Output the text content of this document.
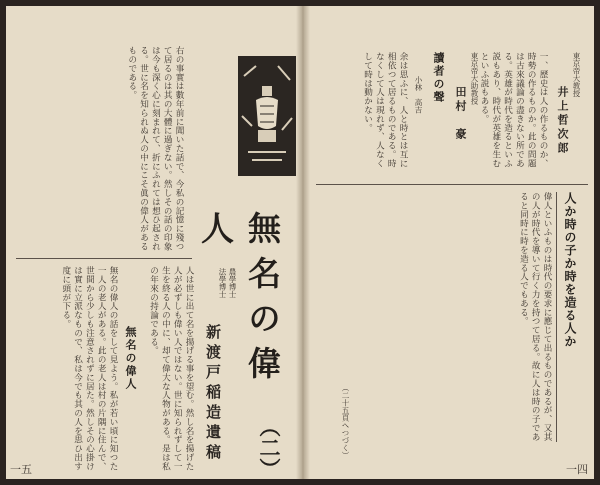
右の事實は數年前に聞いた話で、今私の記憶に殘つて居るのは其の大體に過ぎない。然しその話の印象は今も深く心に刻まれて、折にふれては想ひ起される。世に名を知られぬ人の中にこそ眞の偉人があるものである。
無名の偉人
（二）
農學博士
法學博士
新渡戸稲造遺稿
人は世に出て名を揚げる事を望む。然し名を揚げた人が必ずしも偉い人ではない。世に知られずして一生を終る人の中に、却て偉大な人物がある。是は私の年來の持論である。
無名の偉人
無名の偉人の話をして見よう。私が若い頃に知つた一人の老人がある。此の老人は村の片隅に住んで、世間から少しも注意されずに居た。然しその心掛けは實に立派なもので、私は今でも其の人を思ひ出す度に頭が下る。
一五
東京帝大教授
井上哲次郎
一、歷史は人の作るものか、時勢の作るものか。此の問題は古來議論の盡きない所である。英雄が時代を造るといふ説もあり、時代が英雄を生むといふ説もある。
東京帝大助教授
田村　豪
讀者の聲
小林　高吉
余は思ふに、人と時とは互に相依つて居るものである。時なくして人は現れず、人なくして時は動かない。
人か時の子か時を造る人か
偉人といふものは時代の要求に應じて出るものであるが、又其の人が時代を導いて行く力を持つて居る。故に人は時の子であると同時に時を造る人でもある。
（二十五頁へつづく）
一四
